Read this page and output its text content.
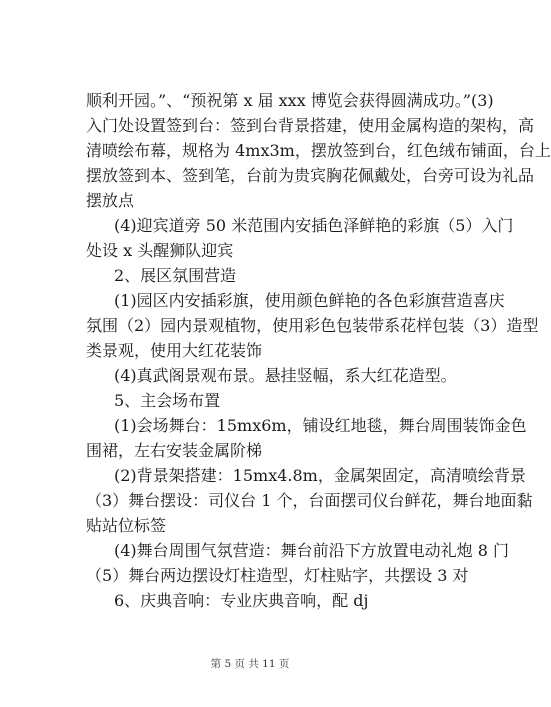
顺利开园。”、“预祝第 x 届 xxx 博览会获得圆满成功。”(3)
入门处设置签到台：签到台背景搭建，使用金属构造的架构，高
清喷绘布幕，规格为 4mx3m，摆放签到台，红色绒布铺面，台上
摆放签到本、签到笔，台前为贵宾胸花佩戴处，台旁可设为礼品
摆放点
(4)迎宾道旁 50 米范围内安插色泽鲜艳的彩旗（5）入门
处设 x 头醒狮队迎宾
2、展区氛围营造
(1)园区内安插彩旗，使用颜色鲜艳的各色彩旗营造喜庆
氛围（2）园内景观植物，使用彩色包装带系花样包装（3）造型
类景观，使用大红花装饰
(4)真武阁景观布景。悬挂竖幅，系大红花造型。
5、主会场布置
(1)会场舞台：15mx6m，铺设红地毯，舞台周围装饰金色
围裙，左右安装金属阶梯
(2)背景架搭建：15mx4.8m，金属架固定，高清喷绘背景
（3）舞台摆设：司仪台 1 个，台面摆司仪台鲜花，舞台地面黏
贴站位标签
(4)舞台周围气氛营造：舞台前沿下方放置电动礼炮 8 门
（5）舞台两边摆设灯柱造型，灯柱贴字，共摆设 3 对
6、庆典音响：专业庆典音响，配 dj
第 5 页 共 11 页
